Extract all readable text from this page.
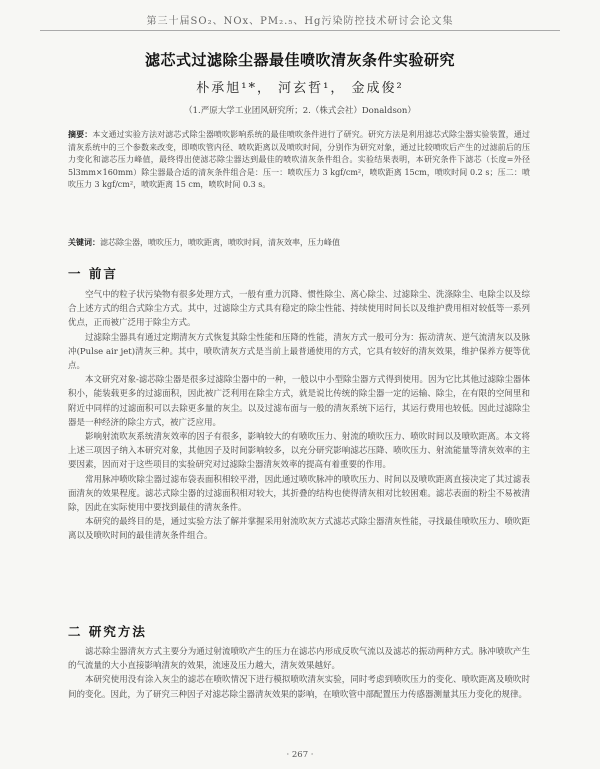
第三十届SO₂、NOx、PM₂.₅、Hg污染防控技术研讨会论文集
滤芯式过滤除尘器最佳喷吹清灰条件实验研究
朴承旭¹*， 河玄哲¹， 金成俊²
（1.严原大学工业团风研究所；2.（株式会社）Donaldson）
摘要：本文通过实验方法对滤芯式除尘器喷吹影响系统的最佳喷吹条件进行了研究。研究方法是利用滤芯式除尘器实验装置，通过清灰系统中的三个参数来改变，即喷吹管内径、喷吹距离以及喷吹时间，分别作为研究对象，通过比较喷吹后产生的过滤前后的压力变化和滤芯压力峰值，最终得出使滤芯除尘器达到最佳的喷吹清灰条件组合。实验结果表明，本研究条件下滤芯（长度=外径 5l3mm×160mm）除尘器最合适的清灰条件组合是：压一：喷吹压力 3 kgf/cm²，喷吹距离 15cm，喷吹时间 0.2 s；压二：喷吹压力 3 kgf/cm²，喷吹距离 15 cm，喷吹时间 0.3 s。
关键词：滤芯除尘器，喷吹压力，喷吹距离，喷吹时间，清灰效率，压力峰值
一 前言

空气中的粒子状污染物有很多处理方式，一般有重力沉降、惯性除尘、离心除尘、过滤除尘、洗涤除尘、电除尘以及综合上述方式的组合式除尘方式。其中，过滤除尘方式具有稳定的除尘性能、持续使用时间长以及维护费用相对较低等一系列优点，正而被广泛用于除尘方式。

过滤除尘器具有通过定期清灰方式恢复其除尘性能和压降的性能，清灰方式一般可分为：振动清灰、逆气流清灰以及脉冲(Pulse air jet)清灰三种。其中，喷吹清灰方式是当前上最普通使用的方式，它具有较好的清灰效果，维护保养方便等优点。

本文研究对象-滤芯除尘器是很多过滤除尘器中的一种，一般以中小型除尘器方式得到使用。因为它比其他过滤除尘器体积小，能装载更多的过滤面积，因此被广泛利用在除尘方式，就是说比传统的除尘器一定的运输、除尘，在有限的空间里和附近中同样的过滤面积可以去除更多量的灰尘。以及过滤布面与一般的清灰系统下运行，其运行费用也较低。因此过滤除尘器是一种经济的除尘方式，被广泛应用。

影响射流吹灰系统清灰效率的因子有很多，影响较大的有喷吹压力、射流的喷吹压力、喷吹时间以及喷吹距离。本文将上述三项因子纳入本研究对象，其他因子及时间影响较多，以充分研究影响滤芯压降、喷吹压力、射流能量等清灰效率的主要因素，因而对于这些项目的实验研究对过滤除尘器清灰效率的提高有着重要的作用。

常用脉冲喷吹除尘器过滤布袋表面积相较平滑，因此通过喷吹脉冲的喷吹压力、时间以及喷吹距离直接决定了其过滤表面清灰的效果程度。滤芯式除尘器的过滤面积相对较大，其折叠的结构也使得清灰相对比较困难。滤芯表面的粉尘不易被清除，因此在实际使用中要找到最佳的清灰条件。

本研究的最终目的是，通过实验方法了解并掌握采用射流吹灰方式滤芯式除尘器清灰性能，寻找最佳喷吹压力、喷吹距离以及喷吹时间的最佳清灰条件组合。

二 研究方法

滤芯除尘器清灰方式主要分为通过射流喷吹产生的压力在滤芯内形成反吹气流以及滤芯的振动两种方式。脉冲喷吹产生的气流量的大小直接影响清灰的效果，流速及压力越大，清灰效果越好。

本研究使用没有涂入灰尘的滤芯在喷吹情况下进行模拟喷吹清灰实验，同时考虑到喷吹压力的变化、喷吹距离及喷吹时间的变化。因此，为了研究三种因子对滤芯除尘器清灰效果的影响，在喷吹管中部配置压力传感器测量其压力变化的规律。

· 267 ·
